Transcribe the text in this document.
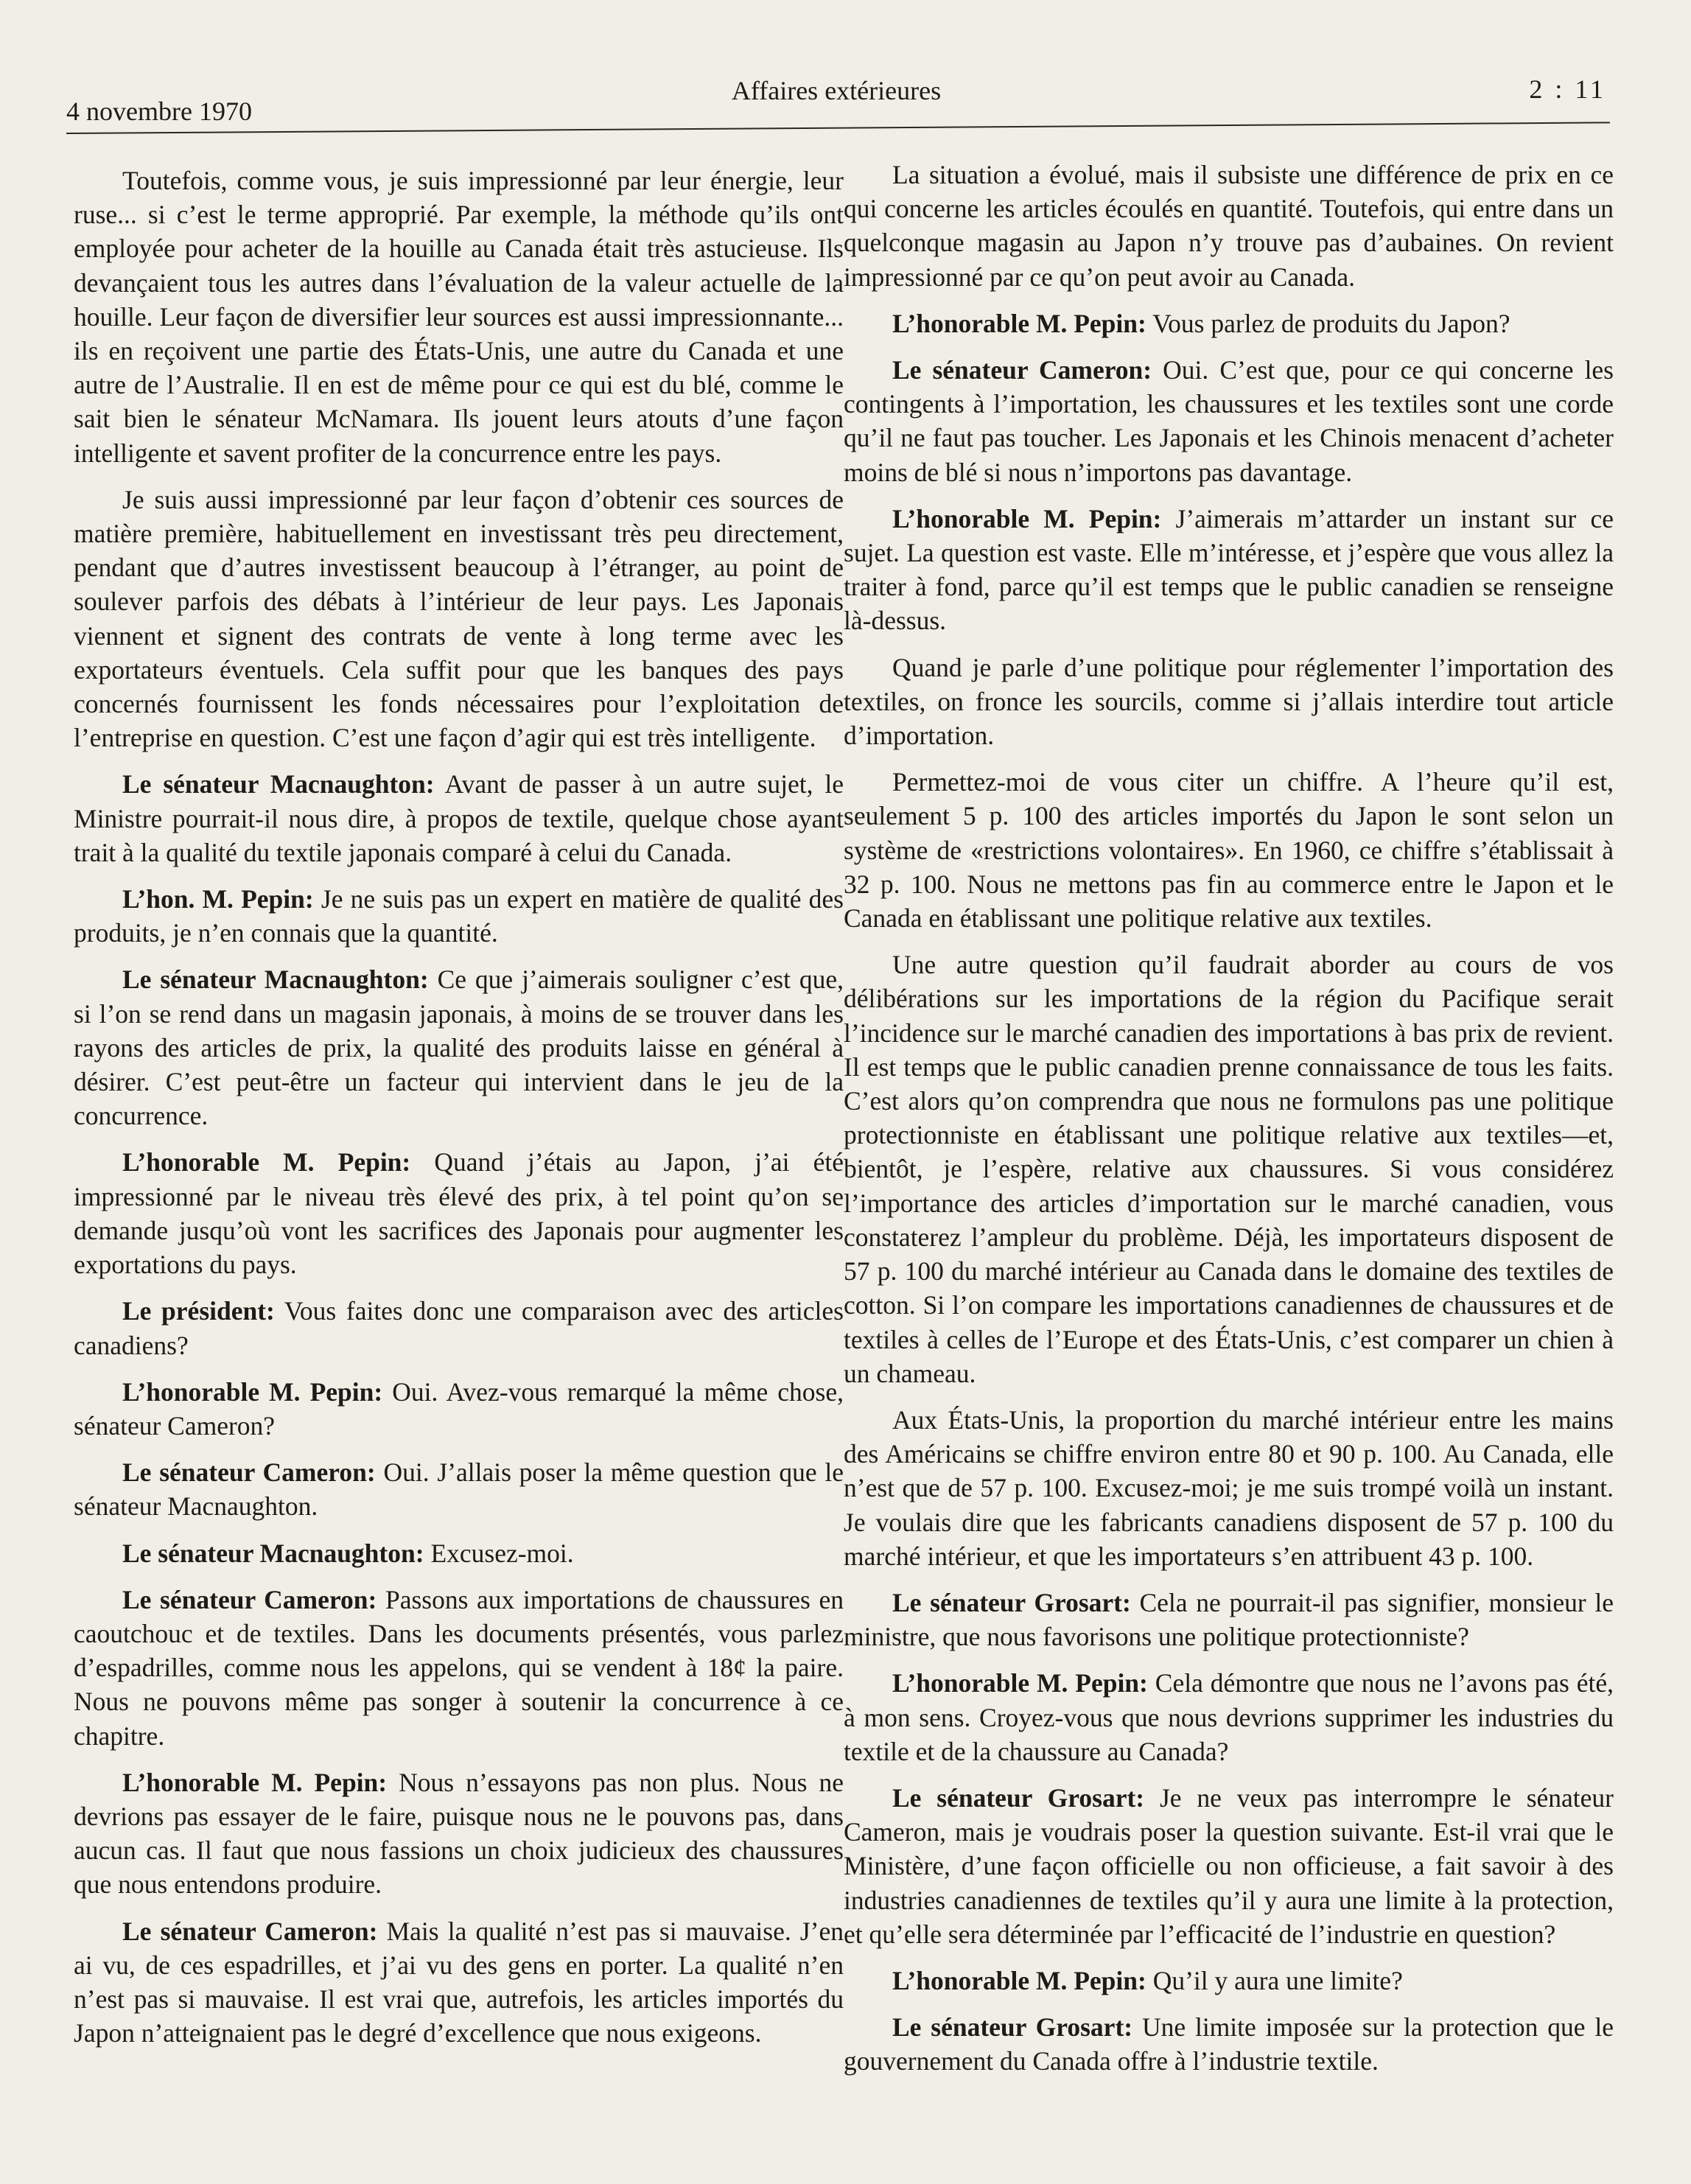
4 novembre 1970
Affaires extérieures	2 : 11

Toutefois, comme vous, je suis impressionné par leur énergie, leur ruse... si c’est le terme approprié. Par exemple, la méthode qu’ils ont employée pour acheter de la houille au Canada était très astucieuse. Ils devançaient tous les autres dans l’évaluation de la valeur actuelle de la houille. Leur façon de diversifier leur sources est aussi impressionnante... ils en reçoivent une partie des États-Unis, une autre du Canada et une autre de l’Australie. Il en est de même pour ce qui est du blé, comme le sait bien le sénateur McNamara. Ils jouent leurs atouts d’une façon intelligente et savent profiter de la concurrence entre les pays.

Je suis aussi impressionné par leur façon d’obtenir ces sources de matière première, habituellement en investissant très peu directement, pendant que d’autres investissent beaucoup à l’étranger, au point de soulever parfois des débats à l’intérieur de leur pays. Les Japonais viennent et signent des contrats de vente à long terme avec les exportateurs éventuels. Cela suffit pour que les banques des pays concernés fournissent les fonds nécessaires pour l’exploitation de l’entreprise en question. C’est une façon d’agir qui est très intelligente.

Le sénateur Macnaughton: Avant de passer à un autre sujet, le Ministre pourrait-il nous dire, à propos de textile, quelque chose ayant trait à la qualité du textile japonais comparé à celui du Canada.

L’hon. M. Pepin: Je ne suis pas un expert en matière de qualité des produits, je n’en connais que la quantité.

Le sénateur Macnaughton: Ce que j’aimerais souligner c’est que, si l’on se rend dans un magasin japonais, à moins de se trouver dans les rayons des articles de prix, la qualité des produits laisse en général à désirer. C’est peut-être un facteur qui intervient dans le jeu de la concurrence.

L’honorable M. Pepin: Quand j’étais au Japon, j’ai été impressionné par le niveau très élevé des prix, à tel point qu’on se demande jusqu’où vont les sacrifices des Japonais pour augmenter les exportations du pays.

Le président: Vous faites donc une comparaison avec des articles canadiens?

L’honorable M. Pepin: Oui. Avez-vous remarqué la même chose, sénateur Cameron?

Le sénateur Cameron: Oui. J’allais poser la même question que le sénateur Macnaughton.

Le sénateur Macnaughton: Excusez-moi.

Le sénateur Cameron: Passons aux importations de chaussures en caoutchouc et de textiles. Dans les documents présentés, vous parlez d’espadrilles, comme nous les appelons, qui se vendent à 18¢ la paire. Nous ne pouvons même pas songer à soutenir la concurrence à ce chapitre.

L’honorable M. Pepin: Nous n’essayons pas non plus. Nous ne devrions pas essayer de le faire, puisque nous ne le pouvons pas, dans aucun cas. Il faut que nous fassions un choix judicieux des chaussures que nous entendons produire.

Le sénateur Cameron: Mais la qualité n’est pas si mauvaise. J’en ai vu, de ces espadrilles, et j’ai vu des gens en porter. La qualité n’en n’est pas si mauvaise. Il est vrai que, autrefois, les articles importés du Japon n’atteignaient pas le degré d’excellence que nous exigeons.

La situation a évolué, mais il subsiste une différence de prix en ce qui concerne les articles écoulés en quantité. Toutefois, qui entre dans un quelconque magasin au Japon n’y trouve pas d’aubaines. On revient impressionné par ce qu’on peut avoir au Canada.

L’honorable M. Pepin: Vous parlez de produits du Japon?

Le sénateur Cameron: Oui. C’est que, pour ce qui concerne les contingents à l’importation, les chaussures et les textiles sont une corde qu’il ne faut pas toucher. Les Japonais et les Chinois menacent d’acheter moins de blé si nous n’importons pas davantage.

L’honorable M. Pepin: J’aimerais m’attarder un instant sur ce sujet. La question est vaste. Elle m’intéresse, et j’espère que vous allez la traiter à fond, parce qu’il est temps que le public canadien se renseigne là-dessus.

Quand je parle d’une politique pour réglementer l’importation des textiles, on fronce les sourcils, comme si j’allais interdire tout article d’importation.

Permettez-moi de vous citer un chiffre. A l’heure qu’il est, seulement 5 p. 100 des articles importés du Japon le sont selon un système de «restrictions volontaires». En 1960, ce chiffre s’établissait à 32 p. 100. Nous ne mettons pas fin au commerce entre le Japon et le Canada en établissant une politique relative aux textiles.

Une autre question qu’il faudrait aborder au cours de vos délibérations sur les importations de la région du Pacifique serait l’incidence sur le marché canadien des importations à bas prix de revient. Il est temps que le public canadien prenne connaissance de tous les faits. C’est alors qu’on comprendra que nous ne formulons pas une politique protectionniste en établissant une politique relative aux textiles—et, bientôt, je l’espère, relative aux chaussures. Si vous considérez l’importance des articles d’importation sur le marché canadien, vous constaterez l’ampleur du problème. Déjà, les importateurs disposent de 57 p. 100 du marché intérieur au Canada dans le domaine des textiles de cotton. Si l’on compare les importations canadiennes de chaussures et de textiles à celles de l’Europe et des États-Unis, c’est comparer un chien à un chameau.

Aux États-Unis, la proportion du marché intérieur entre les mains des Américains se chiffre environ entre 80 et 90 p. 100. Au Canada, elle n’est que de 57 p. 100. Excusez-moi; je me suis trompé voilà un instant. Je voulais dire que les fabricants canadiens disposent de 57 p. 100 du marché intérieur, et que les importateurs s’en attribuent 43 p. 100.

Le sénateur Grosart: Cela ne pourrait-il pas signifier, monsieur le ministre, que nous favorisons une politique protectionniste?

L’honorable M. Pepin: Cela démontre que nous ne l’avons pas été, à mon sens. Croyez-vous que nous devrions supprimer les industries du textile et de la chaussure au Canada?

Le sénateur Grosart: Je ne veux pas interrompre le sénateur Cameron, mais je voudrais poser la question suivante. Est-il vrai que le Ministère, d’une façon officielle ou non officieuse, a fait savoir à des industries canadiennes de textiles qu’il y aura une limite à la protection, et qu’elle sera déterminée par l’efficacité de l’industrie en question?

L’honorable M. Pepin: Qu’il y aura une limite?

Le sénateur Grosart: Une limite imposée sur la protection que le gouvernement du Canada offre à l’industrie textile.
